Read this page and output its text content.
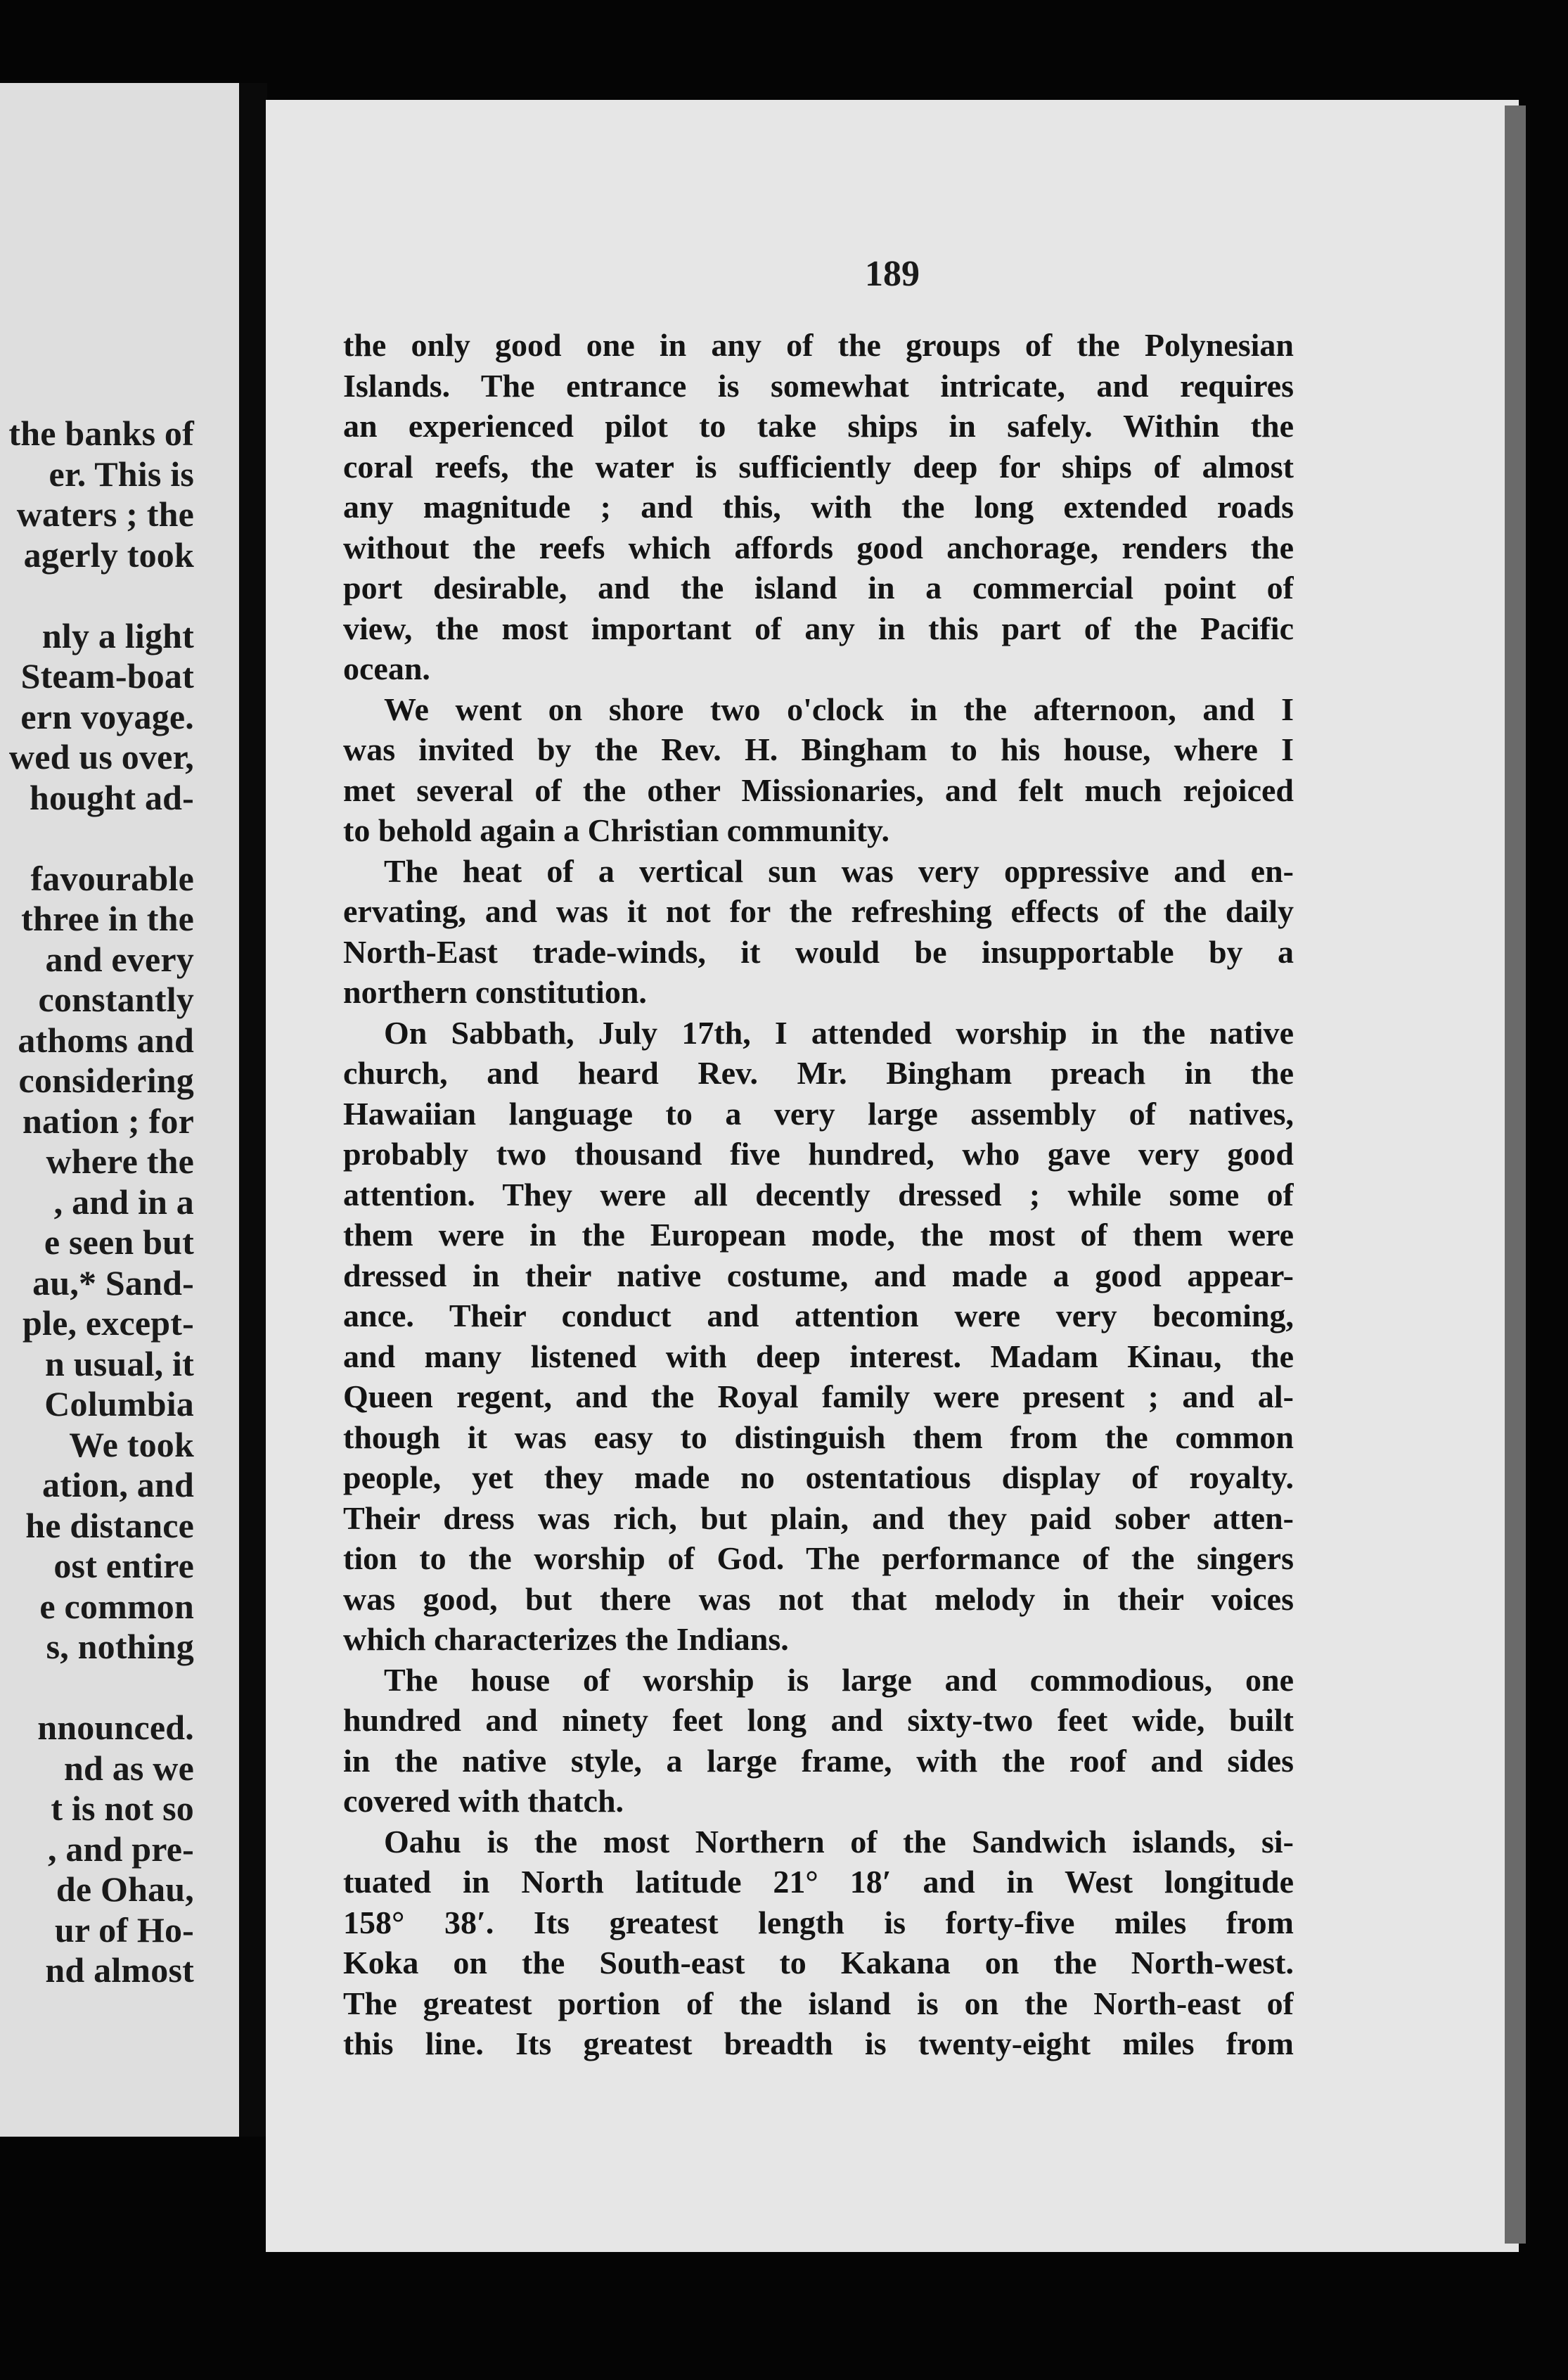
the banks of
er. This is
waters ; the
agerly took
nly a light
Steam-boat
ern voyage.
wed us over,
hought ad-
favourable
three in the
and every
constantly
athoms and
considering
nation ; for
where the
, and in a
e seen but
au,* Sand-
ple, except-
n usual, it
Columbia
We took
ation, and
he distance
ost entire
e common
s, nothing
nnounced.
nd as we
t is not so
, and pre-
de Ohau,
ur of Ho-
nd almost
189
the only good one in any of the groups of the Polynesian
Islands. The entrance is somewhat intricate, and requires
an experienced pilot to take ships in safely. Within the
coral reefs, the water is sufficiently deep for ships of almost
any magnitude ; and this, with the long extended roads
without the reefs which affords good anchorage, renders the
port desirable, and the island in a commercial point of
view, the most important of any in this part of the Pacific
ocean.
We went on shore two o'clock in the afternoon, and I
was invited by the Rev. H. Bingham to his house, where I
met several of the other Missionaries, and felt much rejoiced
to behold again a Christian community.
The heat of a vertical sun was very oppressive and en-
ervating, and was it not for the refreshing effects of the daily
North-East trade-winds, it would be insupportable by a
northern constitution.
On Sabbath, July 17th, I attended worship in the native
church, and heard Rev. Mr. Bingham preach in the
Hawaiian language to a very large assembly of natives,
probably two thousand five hundred, who gave very good
attention. They were all decently dressed ; while some of
them were in the European mode, the most of them were
dressed in their native costume, and made a good appear-
ance. Their conduct and attention were very becoming,
and many listened with deep interest. Madam Kinau, the
Queen regent, and the Royal family were present ; and al-
though it was easy to distinguish them from the common
people, yet they made no ostentatious display of royalty.
Their dress was rich, but plain, and they paid sober atten-
tion to the worship of God. The performance of the singers
was good, but there was not that melody in their voices
which characterizes the Indians.
The house of worship is large and commodious, one
hundred and ninety feet long and sixty-two feet wide, built
in the native style, a large frame, with the roof and sides
covered with thatch.
Oahu is the most Northern of the Sandwich islands, si-
tuated in North latitude 21° 18′ and in West longitude
158° 38′. Its greatest length is forty-five miles from
Koka on the South-east to Kakana on the North-west.
The greatest portion of the island is on the North-east of
this line. Its greatest breadth is twenty-eight miles from
